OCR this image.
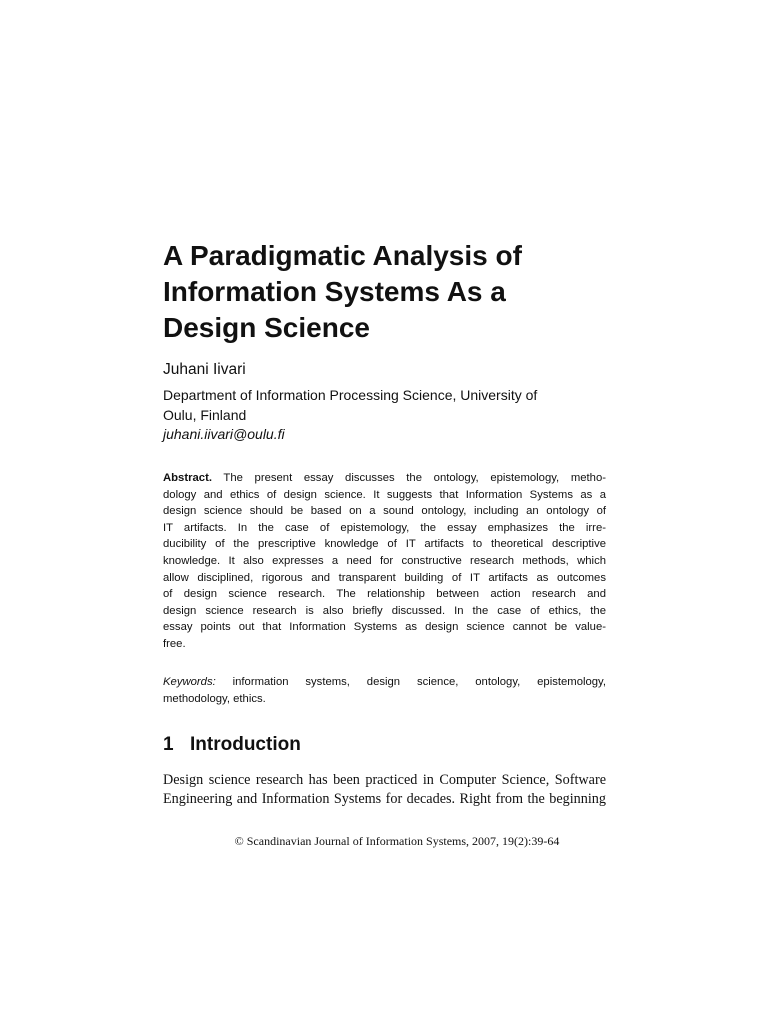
A Paradigmatic Analysis of
Information Systems As a
Design Science

Juhani Iivari

Department of Information Processing Science, University of
Oulu, Finland
juhani.iivari@oulu.fi

Abstract. The present essay discusses the ontology, epistemology, metho-
dology and ethics of design science. It suggests that Information Systems as a
design science should be based on a sound ontology, including an ontology of
IT artifacts. In the case of epistemology, the essay emphasizes the irre-
ducibility of the prescriptive knowledge of IT artifacts to theoretical descriptive
knowledge. It also expresses a need for constructive research methods, which
allow disciplined, rigorous and transparent building of IT artifacts as outcomes
of design science research. The relationship between action research and
design science research is also briefly discussed. In the case of ethics, the
essay points out that Information Systems as design science cannot be value-
free.
Keywords: information systems, design science, ontology, epistemology,
methodology, ethics.
1 Introduction
Design science research has been practiced in Computer Science, Software
Engineering and Information Systems for decades. Right from the beginning

© Scandinavian Journal of Information Systems, 2007, 19(2):39-64
